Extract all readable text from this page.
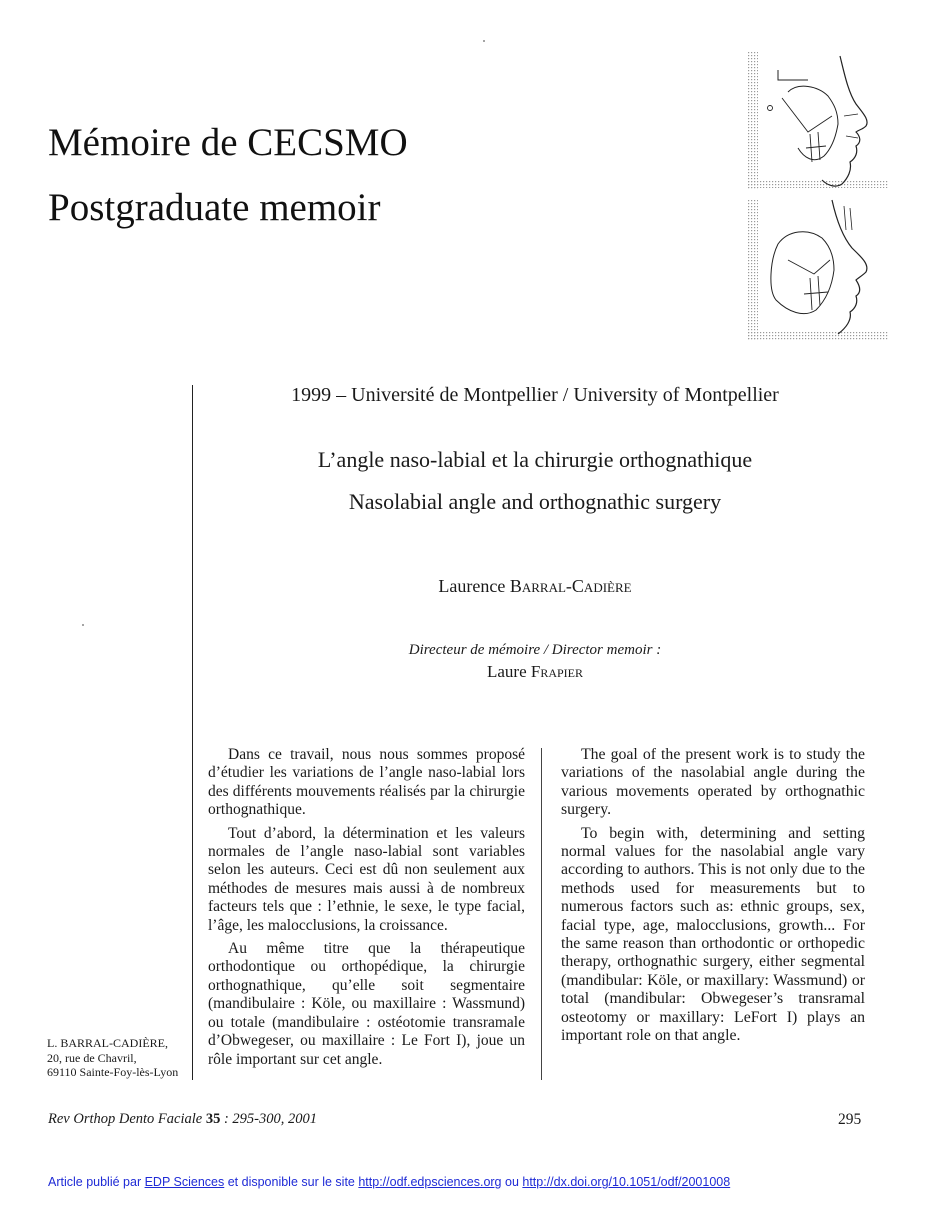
Mémoire de CECSMO
Postgraduate memoir
1999 – Université de Montpellier / University of Montpellier
L’angle naso-labial et la chirurgie orthognathique
Nasolabial angle and orthognathic surgery
Laurence Barral-Cadière
Directeur de mémoire / Director memoir :
Laure Frapier

Dans ce travail, nous nous sommes proposé d’étudier les variations de l’angle naso-labial lors des différents mouvements réalisés par la chirurgie orthognathique.

Tout d’abord, la détermination et les valeurs normales de l’angle naso-labial sont variables selon les auteurs. Ceci est dû non seulement aux méthodes de mesures mais aussi à de nombreux facteurs tels que : l’ethnie, le sexe, le type facial, l’âge, les malocclusions, la croissance.

Au même titre que la thérapeutique orthodontique ou orthopédique, la chirurgie orthognathique, qu’elle soit segmentaire (mandibulaire : Köle, ou maxillaire : Wassmund) ou totale (mandibulaire : ostéotomie transramale d’Obwegeser, ou maxillaire : Le Fort I), joue un rôle important sur cet angle.

The goal of the present work is to study the variations of the nasolabial angle during the various movements operated by orthognathic surgery.

To begin with, determining and setting normal values for the nasolabial angle vary according to authors. This is not only due to the methods used for measurements but to numerous factors such as: ethnic groups, sex, facial type, age, malocclusions, growth... For the same reason than orthodontic or orthopedic therapy, orthognathic surgery, either segmental (mandibular: Köle, or maxillary: Wassmund) or total (mandibular: Obwegeser’s transramal osteotomy or maxillary: LeFort I) plays an important role on that angle.

L. BARRAL-CADIÈRE,
20, rue de Chavril,
69110 Sainte-Foy-lès-Lyon
Rev Orthop Dento Faciale 35 : 295-300, 2001	295
Article publié par EDP Sciences et disponible sur le site http://odf.edpsciences.org ou http://dx.doi.org/10.1051/odf/2001008
